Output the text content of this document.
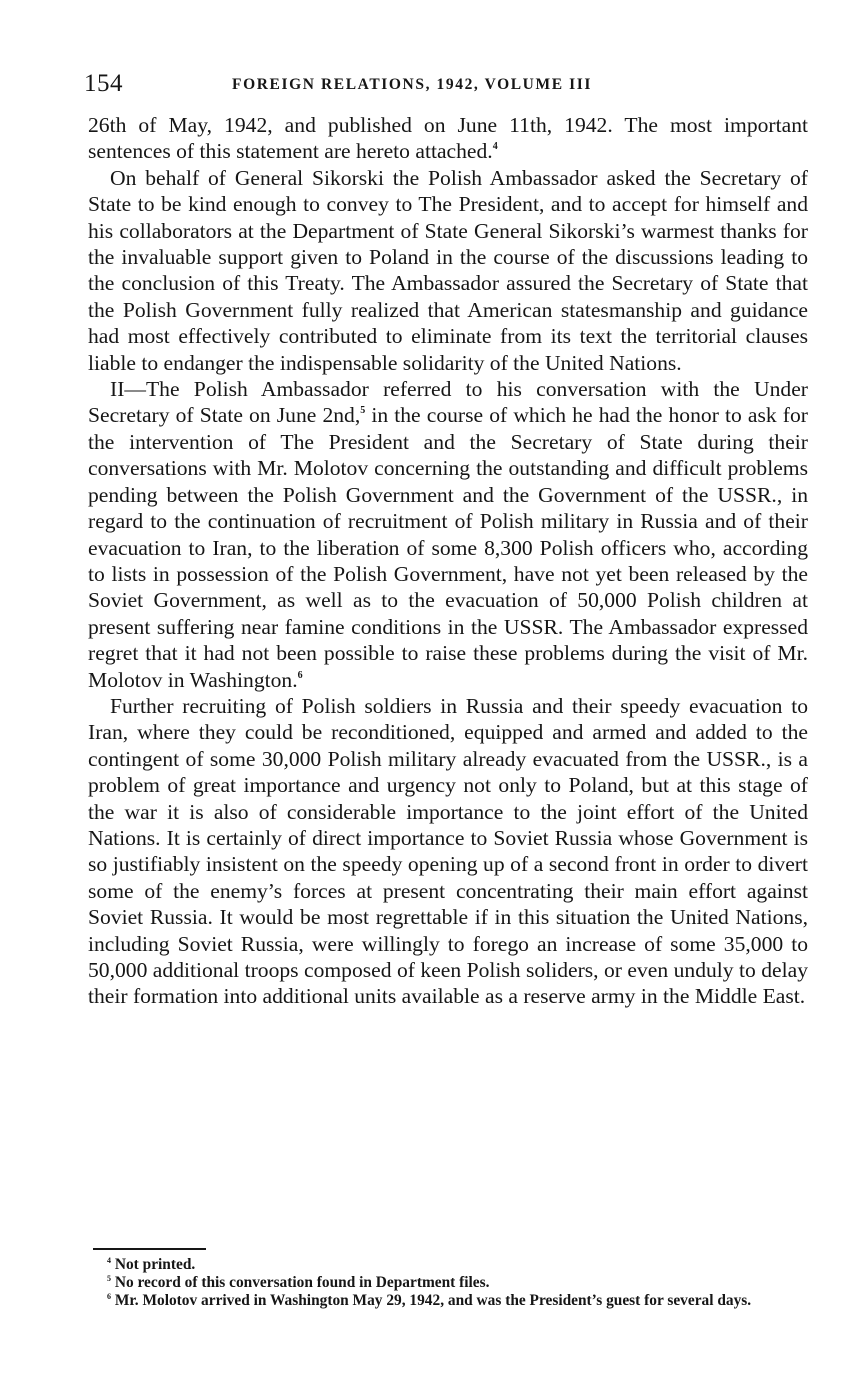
154	FOREIGN RELATIONS, 1942, VOLUME III

26th of May, 1942, and published on June 11th, 1942. The most important sentences of this statement are hereto attached.$^4$

On behalf of General Sikorski the Polish Ambassador asked the Secretary of State to be kind enough to convey to The President, and to accept for himself and his collaborators at the Department of State General Sikorski’s warmest thanks for the invaluable support given to Poland in the course of the discussions leading to the conclusion of this Treaty. The Ambassador assured the Secretary of State that the Polish Government fully realized that American statesmanship and guidance had most effectively contributed to eliminate from its text the territorial clauses liable to endanger the indispensable solidarity of the United Nations.

II—The Polish Ambassador referred to his conversation with the Under Secretary of State on June 2nd,$^5$ in the course of which he had the honor to ask for the intervention of The President and the Secretary of State during their conversations with Mr. Molotov concerning the outstanding and difficult problems pending between the Polish Government and the Government of the USSR., in regard to the continuation of recruitment of Polish military in Russia and of their evacuation to Iran, to the liberation of some 8,300 Polish officers who, according to lists in possession of the Polish Government, have not yet been released by the Soviet Government, as well as to the evacuation of 50,000 Polish children at present suffering near famine conditions in the USSR. The Ambassador expressed regret that it had not been possible to raise these problems during the visit of Mr. Molotov in Washington.$^6$

Further recruiting of Polish soldiers in Russia and their speedy evacuation to Iran, where they could be reconditioned, equipped and armed and added to the contingent of some 30,000 Polish military already evacuated from the USSR., is a problem of great importance and urgency not only to Poland, but at this stage of the war it is also of considerable importance to the joint effort of the United Nations. It is certainly of direct importance to Soviet Russia whose Government is so justifiably insistent on the speedy opening up of a second front in order to divert some of the enemy’s forces at present concentrating their main effort against Soviet Russia. It would be most regrettable if in this situation the United Nations, including Soviet Russia, were willingly to forego an increase of some 35,000 to 50,000 additional troops composed of keen Polish soliders, or even unduly to delay their formation into additional units available as a reserve army in the Middle East.

$^4$ Not printed.

$^5$ No record of this conversation found in Department files.

$^6$ Mr. Molotov arrived in Washington May 29, 1942, and was the President’s guest for several days.
